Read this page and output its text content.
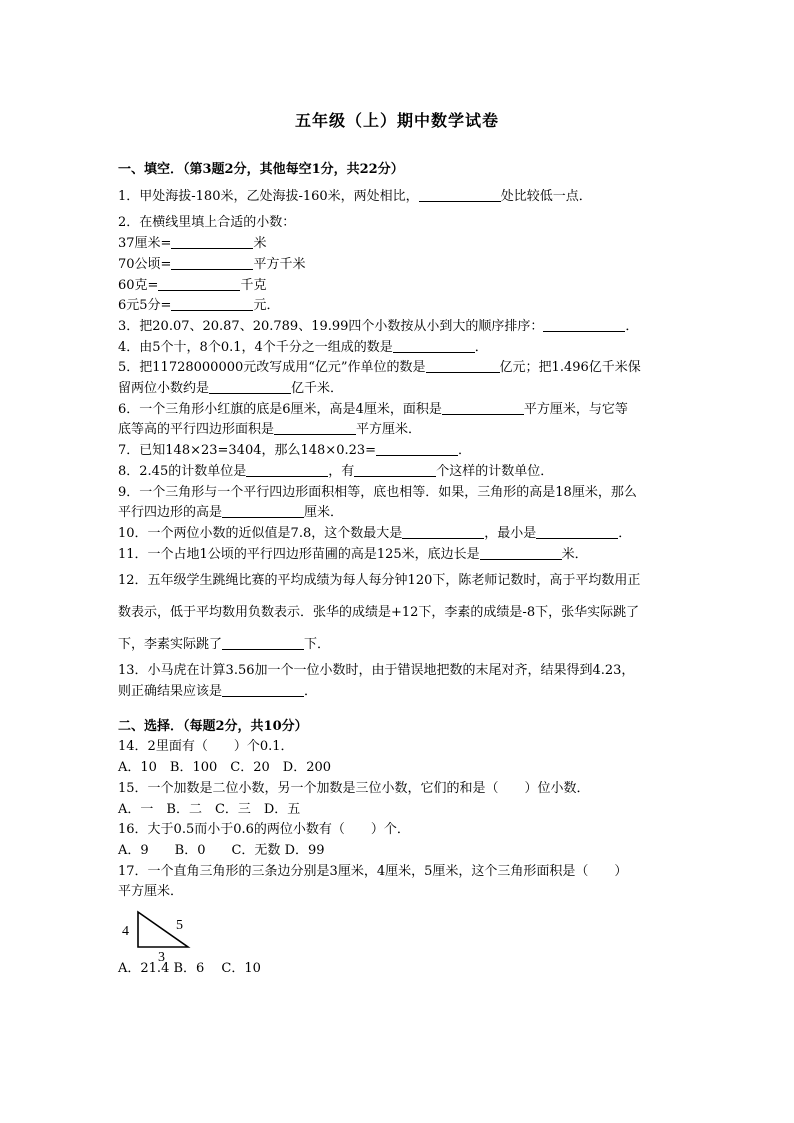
五年级（上）期中数学试卷
一、填空．（第3题2分，其他每空1分，共22分）
1．甲处海拔-180米，乙处海拔-160米，两处相比，	处比较低一点．
2．在横线里填上合适的小数：
37厘米=	米
70公顷=	平方千米
60克=	千克
6元5分=	元．
3．把20.07、20.87、20.789、19.99四个小数按从小到大的顺序排序：	．
4．由5个十，8个0.1，4个千分之一组成的数是	．
5．把11728000000元改写成用“亿元”作单位的数是	亿元；把1.496亿千米保
留两位小数约是	亿千米．
6．一个三角形小红旗的底是6厘米，高是4厘米，面积是	平方厘米，与它等
底等高的平行四边形面积是	平方厘米．
7．已知148×23=3404，那么148×0.23=	．
8．2.45的计数单位是	，有	个这样的计数单位．
9．一个三角形与一个平行四边形面积相等，底也相等．如果，三角形的高是18厘米，那么
平行四边形的高是	厘米．
10．一个两位小数的近似值是7.8，这个数最大是	，最小是	．
11．一个占地1公顷的平行四边形苗圃的高是125米，底边长是	米．
12．五年级学生跳绳比赛的平均成绩为每人每分钟120下，陈老师记数时，高于平均数用正
数表示，低于平均数用负数表示．张华的成绩是+12下，李素的成绩是-8下，张华实际跳了
下，李素实际跳了	下．
13．小马虎在计算3.56加一个一位小数时，由于错误地把数的末尾对齐，结果得到4.23，
则正确结果应该是	．
二、选择．（每题2分，共10分）
14．2里面有（　　）个0.1．
A．10　B．100　C．20　D．200
15．一个加数是二位小数，另一个加数是三位小数，它们的和是（　　）位小数．
A．一　B．二　C．三　D．五
16．大于0.5而小于0.6的两位小数有（　　）个．
A．9　　B．0　　C．无数 D．99
17．一个直角三角形的三条边分别是3厘米，4厘米，5厘米，这个三角形面积是（　　）
平方厘米．
4	5
3
A．21.4 B．6　 C．10
